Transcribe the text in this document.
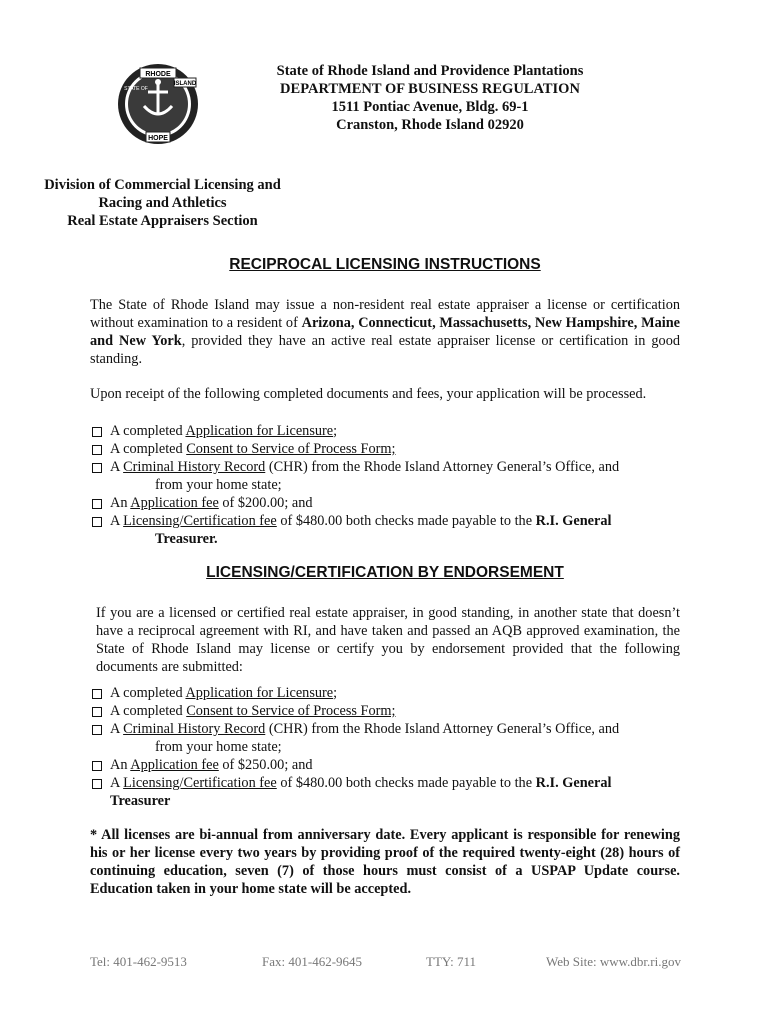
RHODE
ISLAND
HOPE
STATE OF
State of Rhode Island and Providence Plantations
DEPARTMENT OF BUSINESS REGULATION
1511 Pontiac Avenue, Bldg. 69-1
Cranston, Rhode Island 02920
Division of Commercial Licensing and
Racing and Athletics
Real Estate Appraisers Section
RECIPROCAL LICENSING INSTRUCTIONS
The State of Rhode Island may issue a non-resident real estate appraiser a license or certification without examination to a resident of Arizona, Connecticut, Massachusetts, New Hampshire, Maine and New York, provided they have an active real estate appraiser license or certification in good standing.
Upon receipt of the following completed documents and fees, your application will be processed.
A completed Application for Licensure;
A completed Consent to Service of Process Form;
A Criminal History Record (CHR) from the Rhode Island Attorney General’s Office, and
from your home state;
An Application fee of $200.00; and
A Licensing/Certification fee of $480.00 both checks made payable to the R.I. General
Treasurer.
LICENSING/CERTIFICATION BY ENDORSEMENT
If you are a licensed or certified real estate appraiser, in good standing, in another state that doesn’t have a reciprocal agreement with RI, and have taken and passed an AQB approved examination, the State of Rhode Island may license or certify you by endorsement provided that the following documents are submitted:
A completed Application for Licensure;
A completed Consent to Service of Process Form;
A Criminal History Record (CHR) from the Rhode Island Attorney General’s Office, and
from your home state;
An Application fee of $250.00; and
A Licensing/Certification fee of $480.00 both checks made payable to the R.I. General
Treasurer
* All licenses are bi-annual from anniversary date. Every applicant is responsible for renewing his or her license every two years by providing proof of the required twenty-eight (28) hours of continuing education, seven (7) of those hours must consist of a USPAP Update course. Education taken in your home state will be accepted.
Tel: 401-462-9513	Fax: 401-462-9645	TTY: 711	Web Site: www.dbr.ri.gov
